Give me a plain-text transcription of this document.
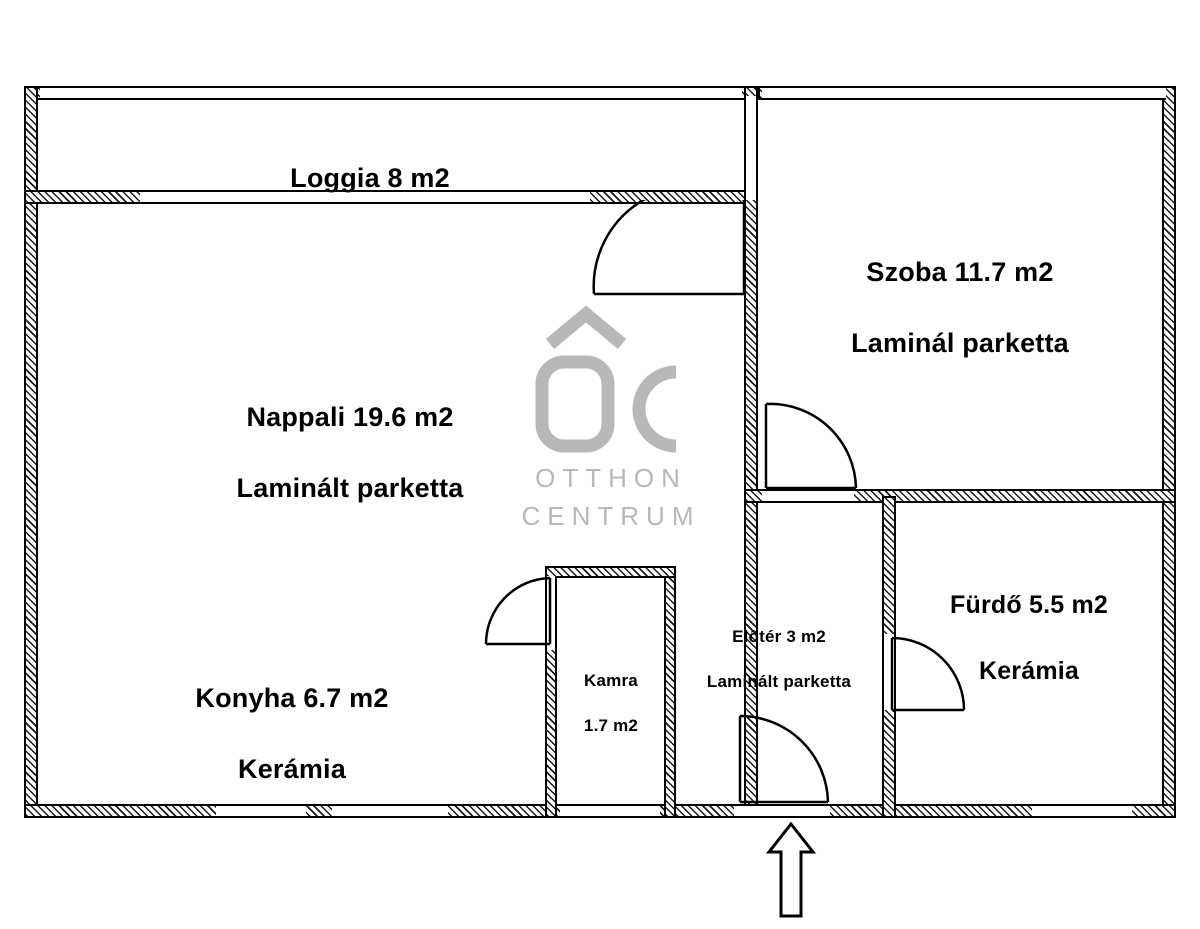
OTTHON
CENTRUM

Loggia 8 m2

Szoba 11.7 m2

Laminál parketta

Nappali 19.6 m2

Laminált parketta

Konyha 6.7 m2

Kerámia

Kamra

1.7 m2

Előtér 3 m2

Laminált parketta

Fürdő 5.5 m2

Kerámia
